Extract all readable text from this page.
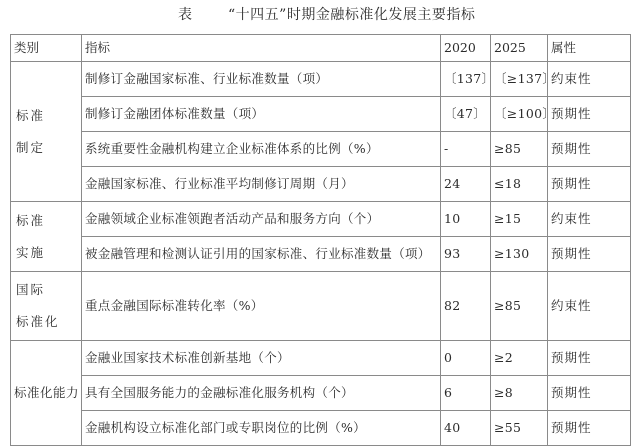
表	“十四五”时期金融标准化发展主要指标
类别	指标	2020	2025	属性

标准
制定	制修订金融国家标准、行业标准数量（项）	〔137〕	〔≥137〕	约束性
	制修订金融团体标准数量（项）	〔47〕	〔≥100〕	预期性
	系统重要性金融机构建立企业标准体系的比例（%）	-	≥85	预期性
	金融国家标准、行业标准平均制修订周期（月）	24	≤18	预期性

标准
实施	金融领域企业标准领跑者活动产品和服务方向（个）	10	≥15	约束性
	被金融管理和检测认证引用的国家标准、行业标准数量（项）	93	≥130	预期性

国际
标准化	重点金融国际标准转化率（%）	82	≥85	约束性
标准化能力	金融业国家技术标准创新基地（个）	0	≥2	预期性
	具有全国服务能力的金融标准化服务机构（个）	6	≥8	预期性
	金融机构设立标准化部门或专职岗位的比例（%）	40	≥55	预期性
